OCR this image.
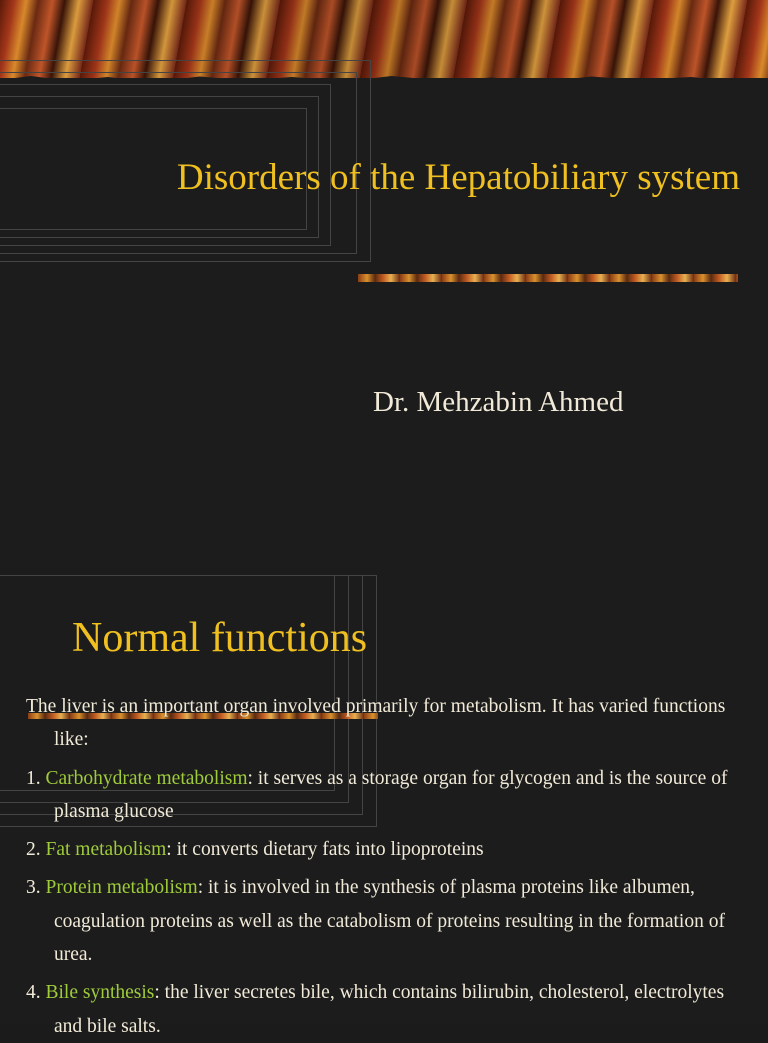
Disorders of the Hepatobiliary system
Dr. Mehzabin Ahmed
Normal functions

The liver is an important organ involved primarily for metabolism. It has varied functions like:

1. Carbohydrate metabolism: it serves as a storage organ for glycogen and is the source of plasma glucose

2. Fat metabolism: it converts dietary fats into lipoproteins

3. Protein metabolism: it is involved in the synthesis of plasma proteins like albumen, coagulation proteins as well as the catabolism of proteins resulting in the formation of urea.

4. Bile synthesis: the liver secretes bile, which contains bilirubin, cholesterol, electrolytes and bile salts.
